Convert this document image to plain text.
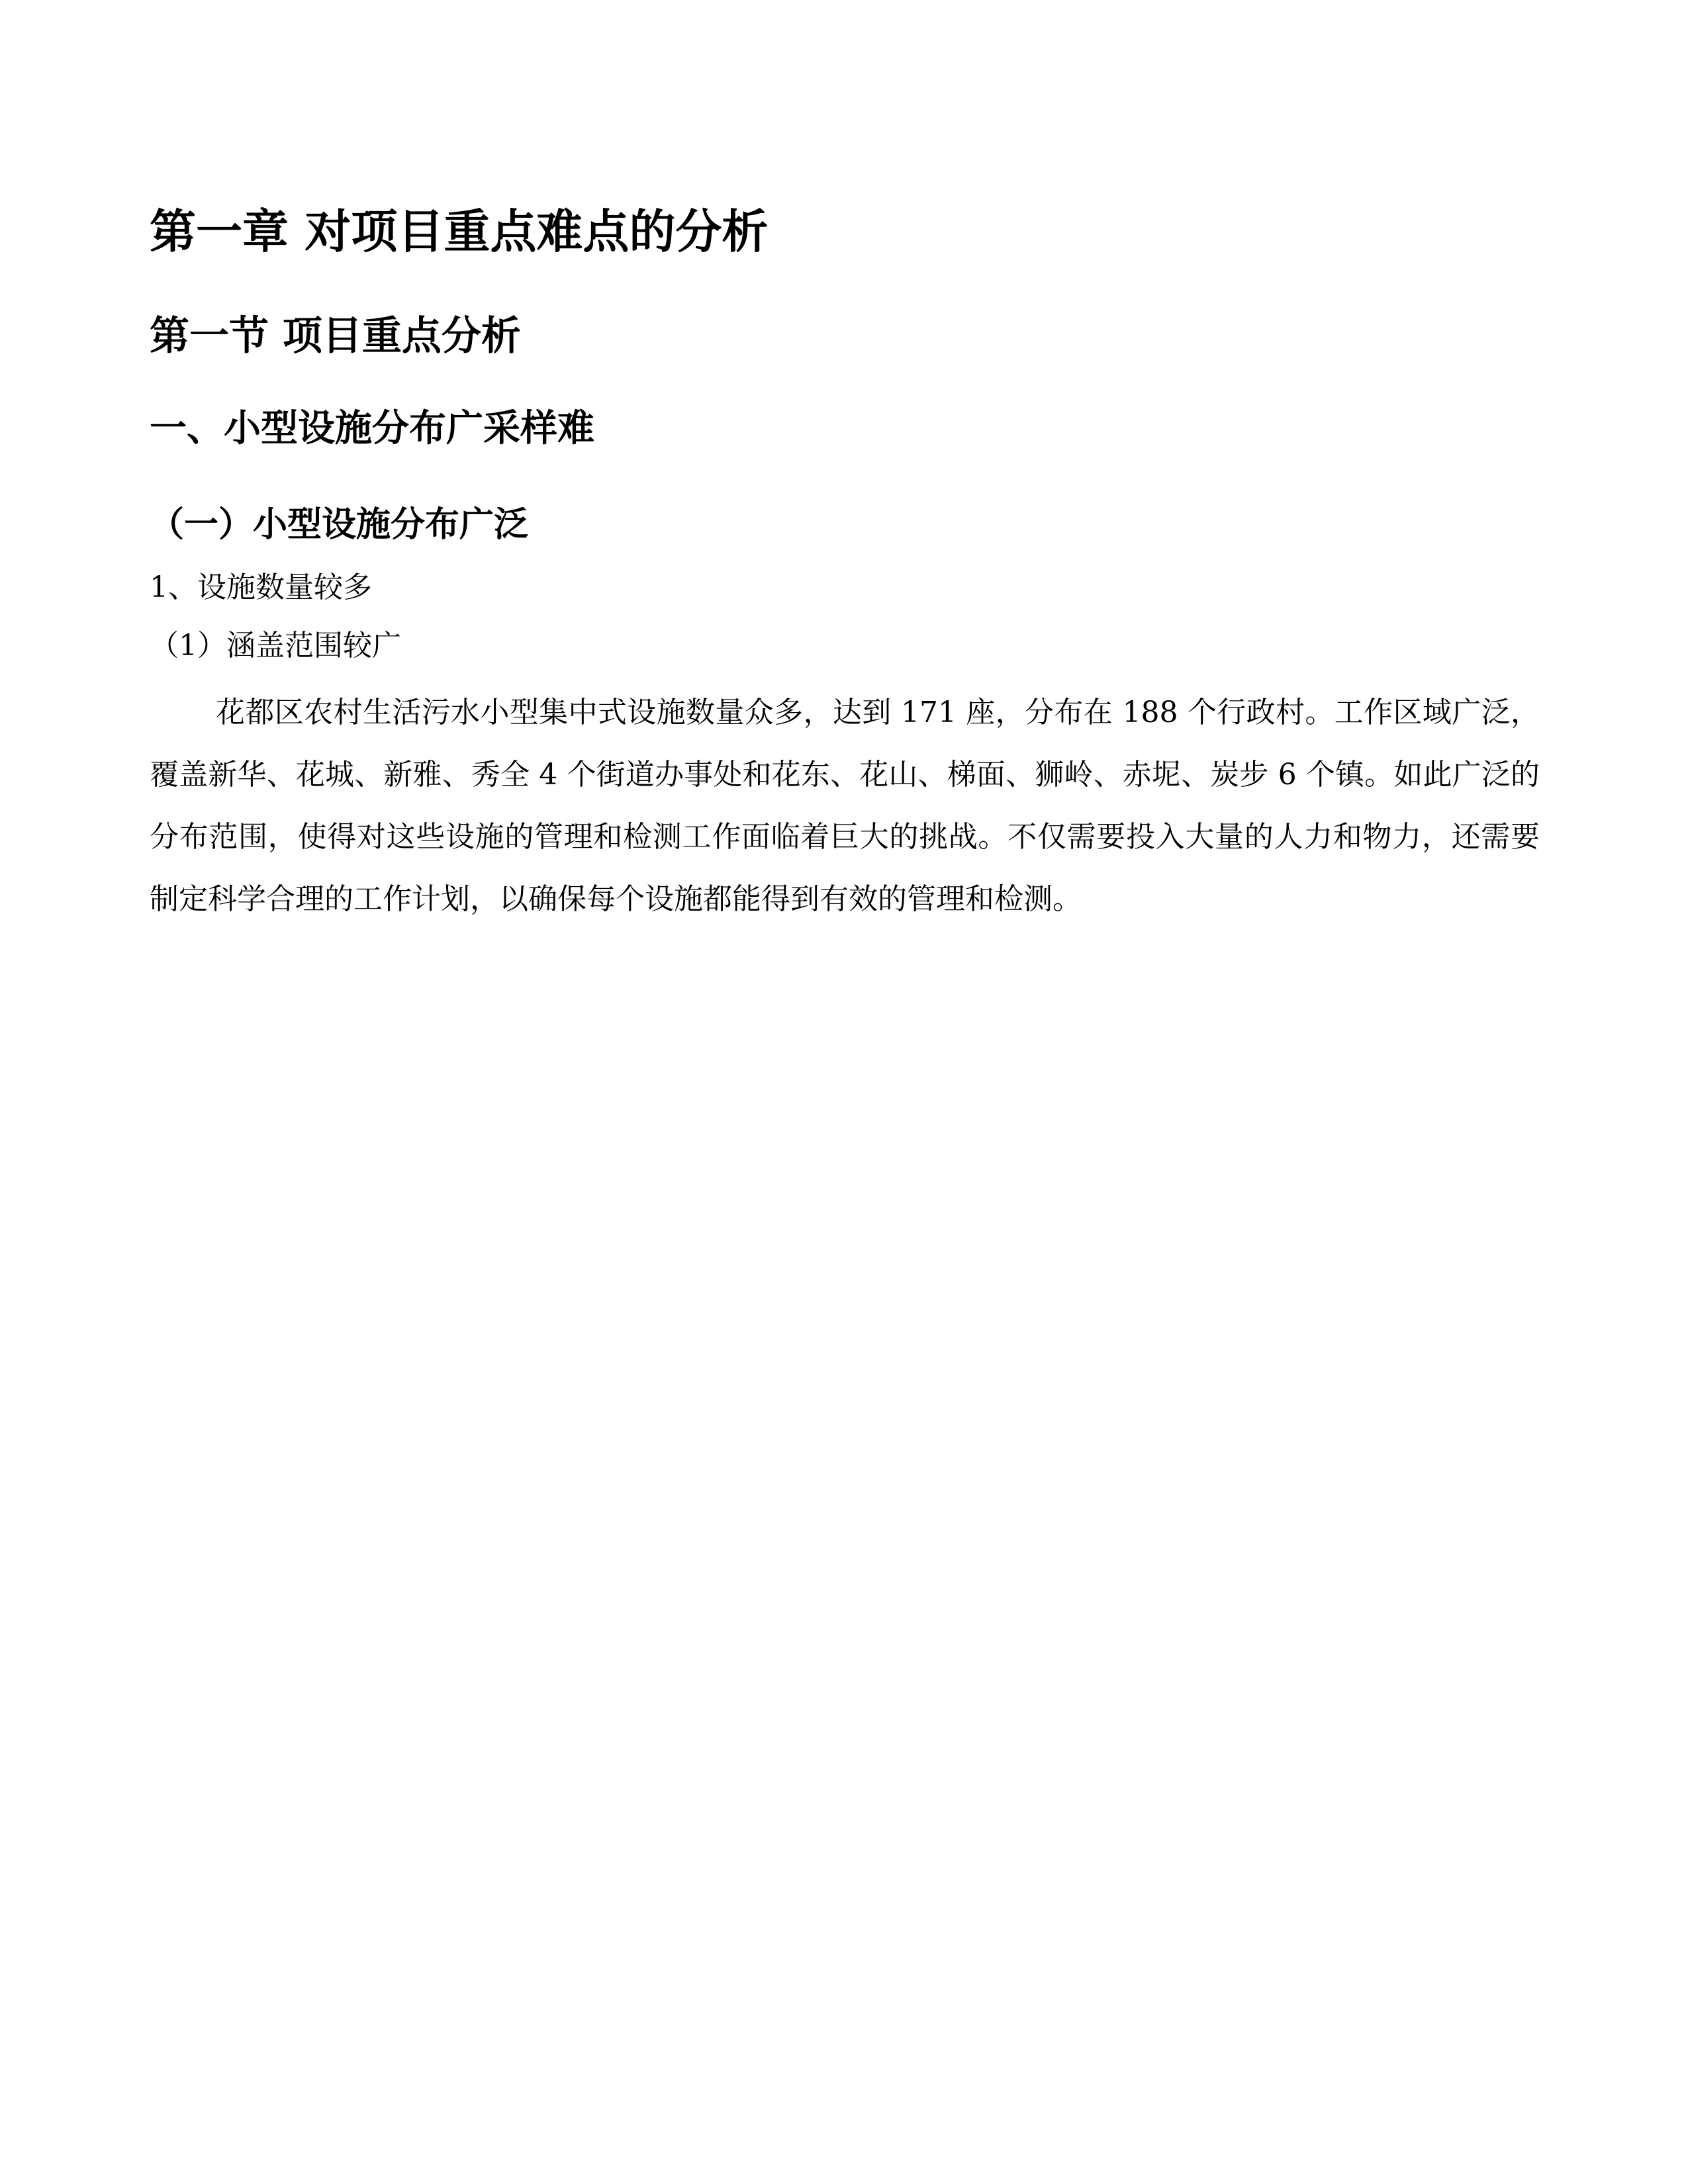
第一章 对项目重点难点的分析
第一节 项目重点分析
一、小型设施分布广采样难
（一）小型设施分布广泛

1、设施数量较多

（1）涵盖范围较广

花都区农村生活污水小型集中式设施数量众多，达到 171 座，分布在 188 个行政村。工作区域广泛，覆盖新华、花城、新雅、秀全 4 个街道办事处和花东、花山、梯面、狮岭、赤坭、炭步 6 个镇。如此广泛的分布范围，使得对这些设施的管理和检测工作面临着巨大的挑战。不仅需要投入大量的人力和物力，还需要制定科学合理的工作计划，以确保每个设施都能得到有效的管理和检测。
